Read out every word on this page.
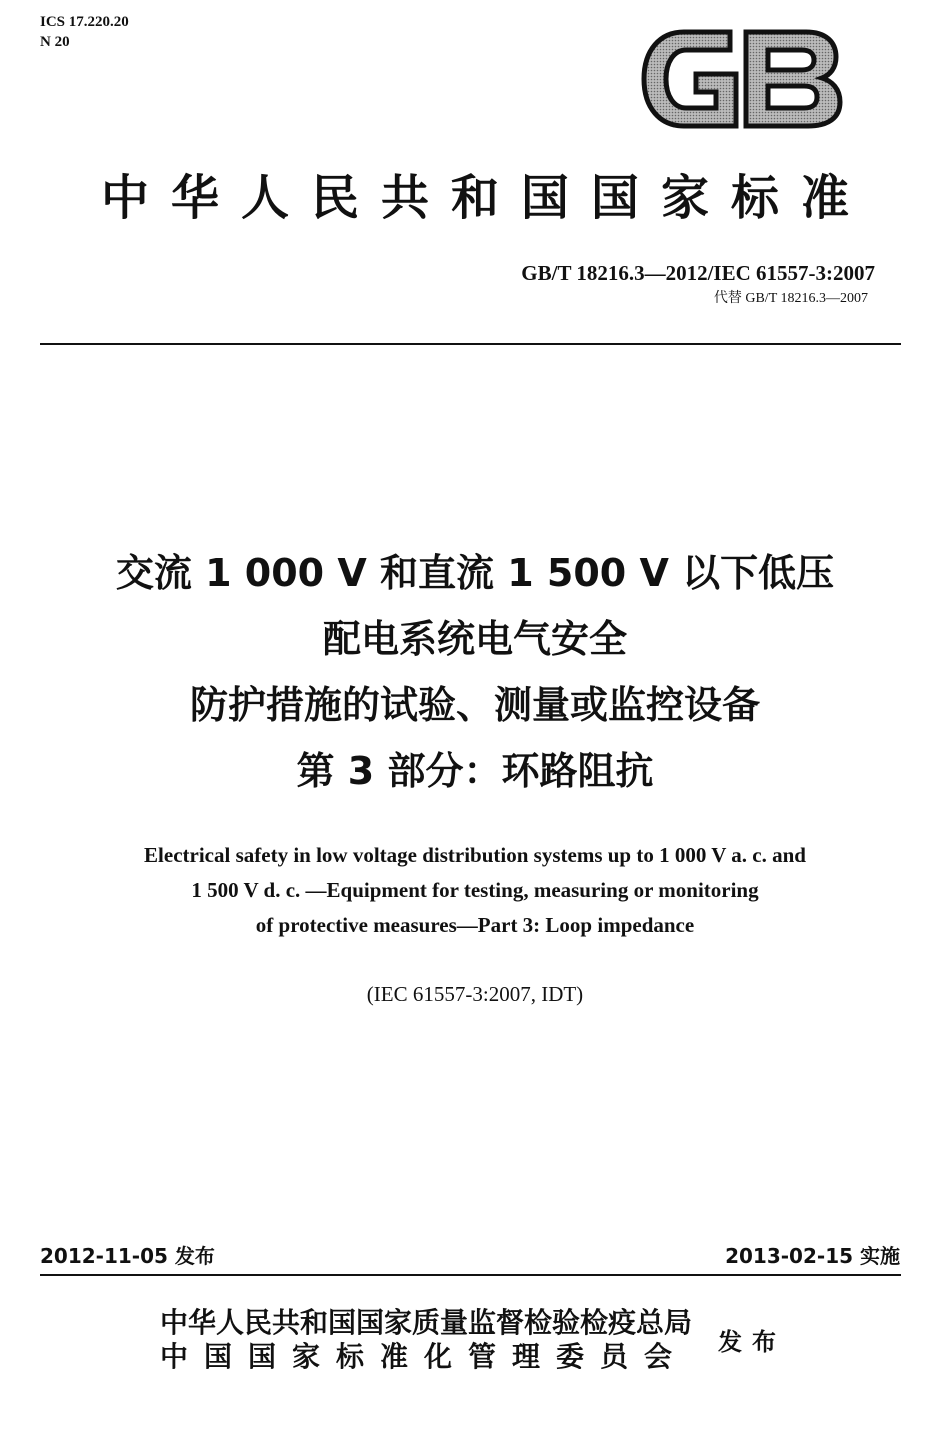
ICS 17.220.20
N 20
中华人民共和国国家标准
GB/T 18216.3—2012/IEC 61557-3:2007
代替 GB/T 18216.3—2007
交流 1 000 V 和直流 1 500 V 以下低压
配电系统电气安全
防护措施的试验、测量或监控设备
第 3 部分：环路阻抗
Electrical safety in low voltage distribution systems up to 1 000 V a. c. and
1 500 V d. c. —Equipment for testing, measuring or monitoring
of protective measures—Part 3: Loop impedance
(IEC 61557-3:2007, IDT)
2012-11-05 发布	2013-02-15 实施
中华人民共和国国家质量监督检验检疫总局
中国国家标准化管理委员会 发布
